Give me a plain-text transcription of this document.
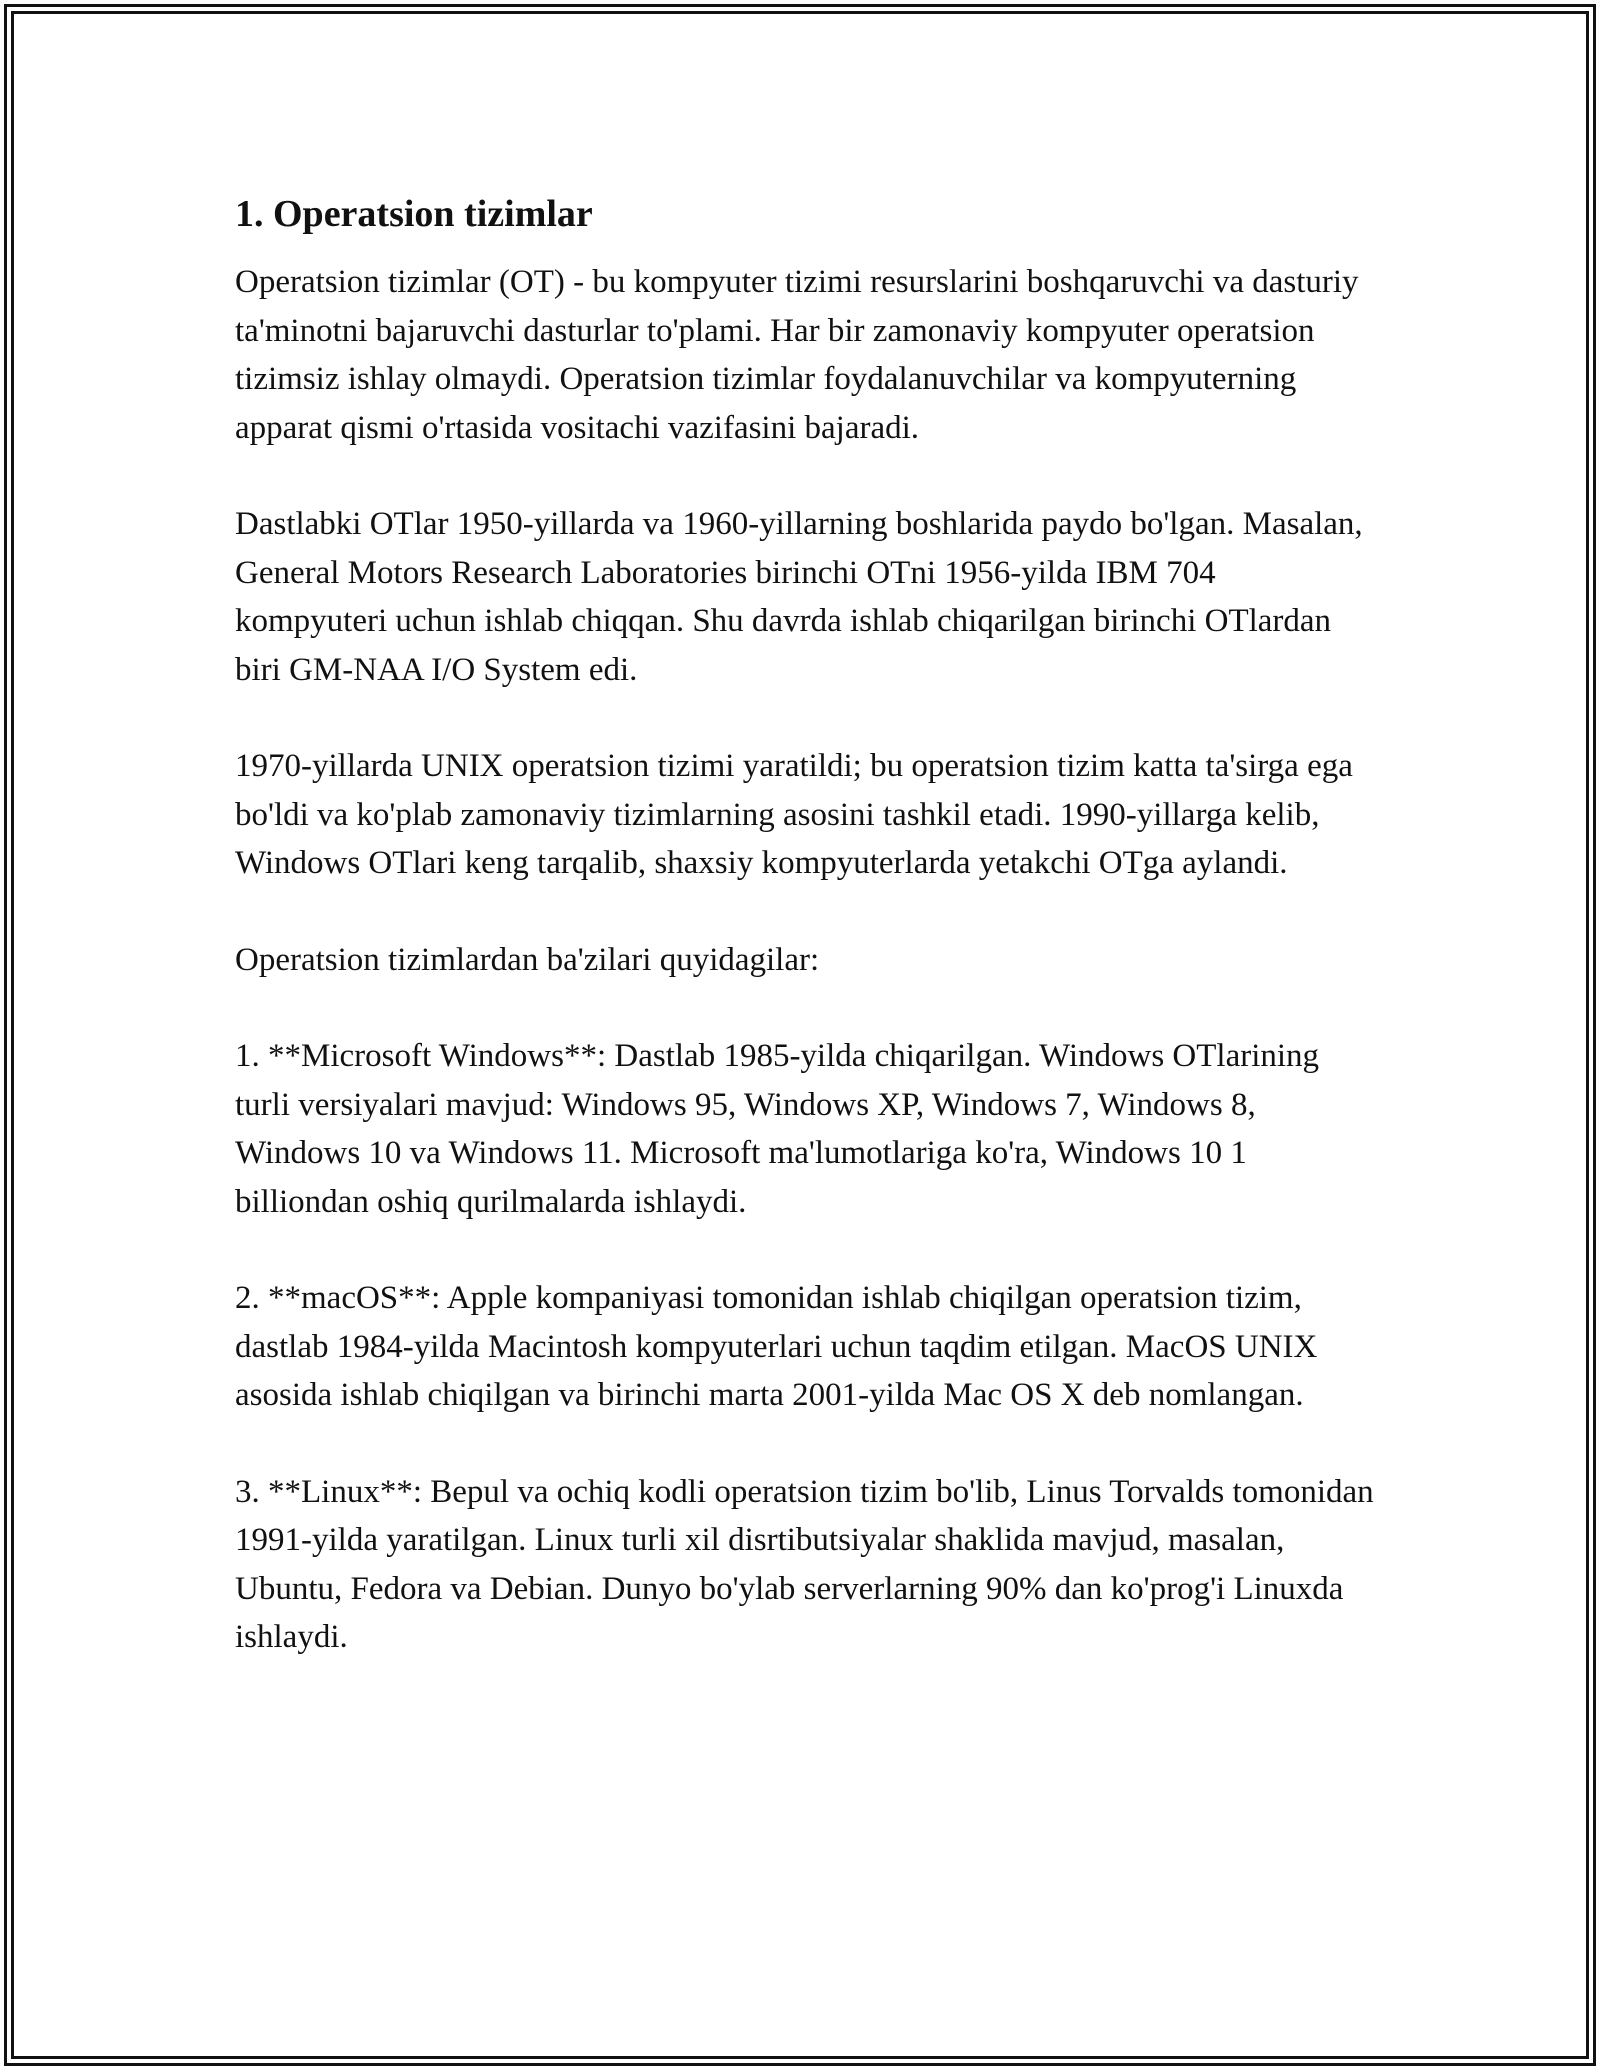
1. Operatsion tizimlar

Operatsion tizimlar (OT) - bu kompyuter tizimi resurslarini boshqaruvchi va dasturiy ta'minotni bajaruvchi dasturlar to'plami. Har bir zamonaviy kompyuter operatsion tizimsiz ishlay olmaydi. Operatsion tizimlar foydalanuvchilar va kompyuterning apparat qismi o'rtasida vositachi vazifasini bajaradi.

Dastlabki OTlar 1950-yillarda va 1960-yillarning boshlarida paydo bo'lgan. Masalan, General Motors Research Laboratories birinchi OTni 1956-yilda IBM 704 kompyuteri uchun ishlab chiqqan. Shu davrda ishlab chiqarilgan birinchi OTlardan biri GM-NAA I/O System edi.

1970-yillarda UNIX operatsion tizimi yaratildi; bu operatsion tizim katta ta'sirga ega bo'ldi va ko'plab zamonaviy tizimlarning asosini tashkil etadi. 1990-yillarga kelib, Windows OTlari keng tarqalib, shaxsiy kompyuterlarda yetakchi OTga aylandi.

Operatsion tizimlardan ba'zilari quyidagilar:

1. **Microsoft Windows**: Dastlab 1985-yilda chiqarilgan. Windows OTlarining turli versiyalari mavjud: Windows 95, Windows XP, Windows 7, Windows 8, Windows 10 va Windows 11. Microsoft ma'lumotlariga ko'ra, Windows 10 1 billiondan oshiq qurilmalarda ishlaydi.

2. **macOS**: Apple kompaniyasi tomonidan ishlab chiqilgan operatsion tizim, dastlab 1984-yilda Macintosh kompyuterlari uchun taqdim etilgan. MacOS UNIX asosida ishlab chiqilgan va birinchi marta 2001-yilda Mac OS X deb nomlangan.

3. **Linux**: Bepul va ochiq kodli operatsion tizim bo'lib, Linus Torvalds tomonidan 1991-yilda yaratilgan. Linux turli xil disrtibutsiyalar shaklida mavjud, masalan, Ubuntu, Fedora va Debian. Dunyo bo'ylab serverlarning 90% dan ko'prog'i Linuxda ishlaydi.
